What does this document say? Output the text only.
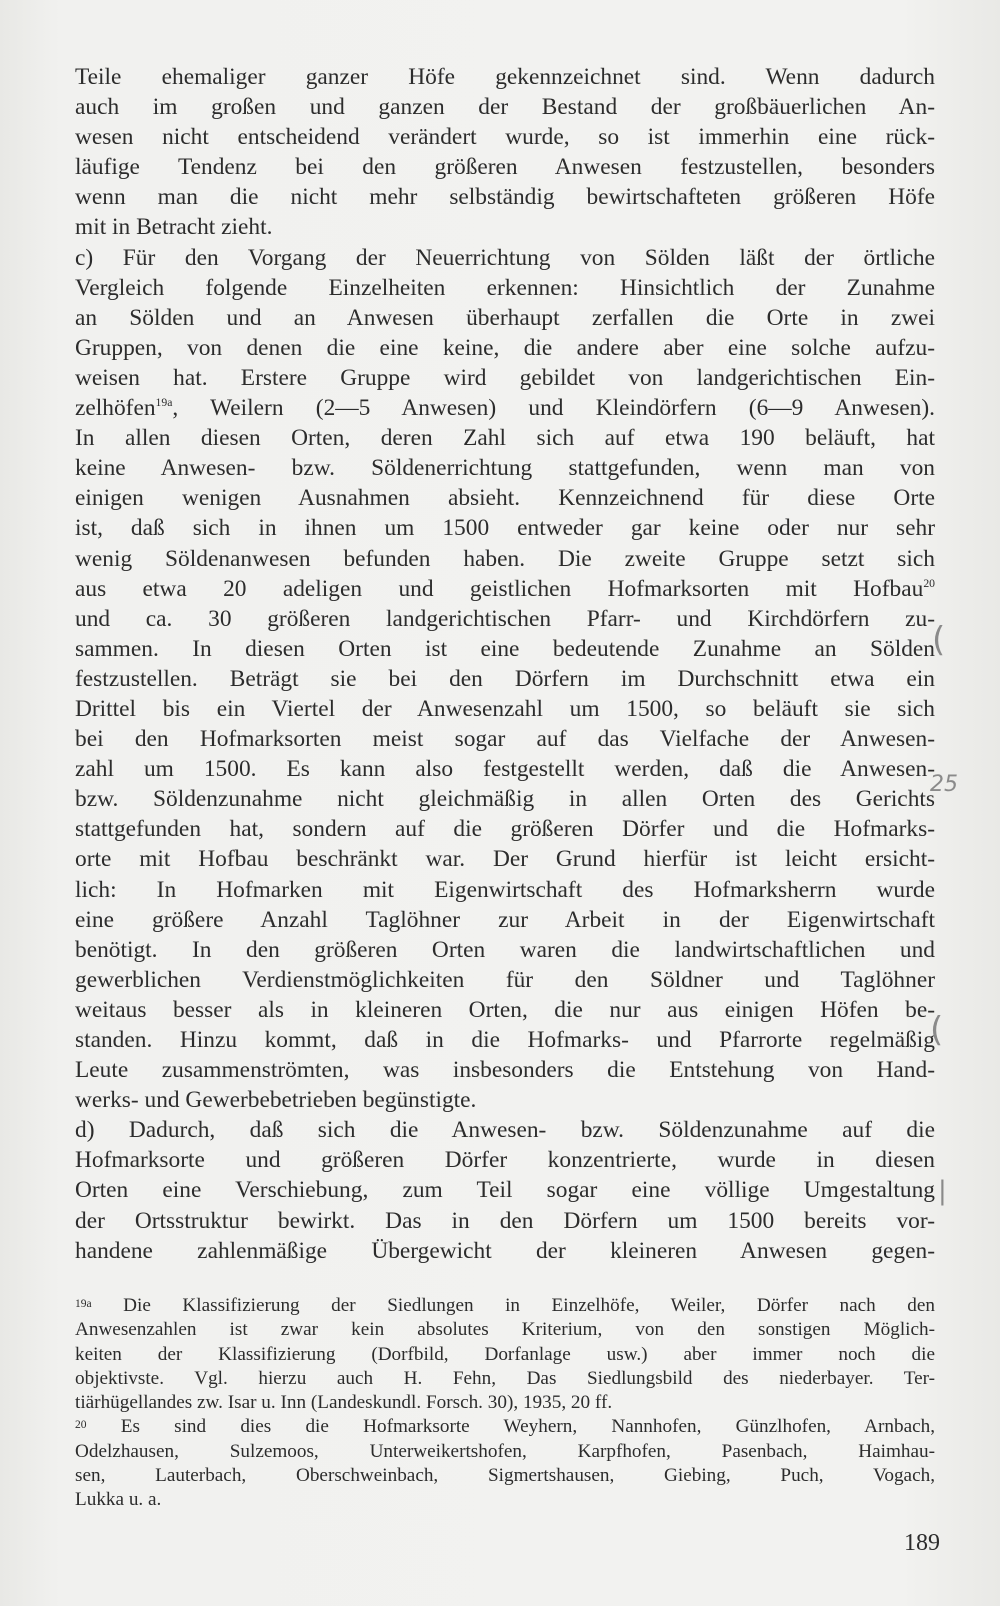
Teile ehemaliger ganzer Höfe gekennzeichnet sind. Wenn dadurch
auch im großen und ganzen der Bestand der großbäuerlichen An-
wesen nicht entscheidend verändert wurde, so ist immerhin eine rück-
läufige Tendenz bei den größeren Anwesen festzustellen, besonders
wenn man die nicht mehr selbständig bewirtschafteten größeren Höfe
mit in Betracht zieht.
c) Für den Vorgang der Neuerrichtung von Sölden läßt der örtliche
Vergleich folgende Einzelheiten erkennen: Hinsichtlich der Zunahme
an Sölden und an Anwesen überhaupt zerfallen die Orte in zwei
Gruppen, von denen die eine keine, die andere aber eine solche aufzu-
weisen hat. Erstere Gruppe wird gebildet von landgerichtischen Ein-
zelhöfen$^{19a}$, Weilern (2—5 Anwesen) und Kleindörfern (6—9 Anwesen).
In allen diesen Orten, deren Zahl sich auf etwa 190 beläuft, hat
keine Anwesen- bzw. Söldenerrichtung stattgefunden, wenn man von
einigen wenigen Ausnahmen absieht. Kennzeichnend für diese Orte
ist, daß sich in ihnen um 1500 entweder gar keine oder nur sehr
wenig Söldenanwesen befunden haben. Die zweite Gruppe setzt sich
aus etwa 20 adeligen und geistlichen Hofmarksorten mit Hofbau$^{20}$
und ca. 30 größeren landgerichtischen Pfarr- und Kirchdörfern zu-
sammen. In diesen Orten ist eine bedeutende Zunahme an Sölden
festzustellen. Beträgt sie bei den Dörfern im Durchschnitt etwa ein
Drittel bis ein Viertel der Anwesenzahl um 1500, so beläuft sie sich
bei den Hofmarksorten meist sogar auf das Vielfache der Anwesen-
zahl um 1500. Es kann also festgestellt werden, daß die Anwesen-
bzw. Söldenzunahme nicht gleichmäßig in allen Orten des Gerichts
stattgefunden hat, sondern auf die größeren Dörfer und die Hofmarks-
orte mit Hofbau beschränkt war. Der Grund hierfür ist leicht ersicht-
lich: In Hofmarken mit Eigenwirtschaft des Hofmarksherrn wurde
eine größere Anzahl Taglöhner zur Arbeit in der Eigenwirtschaft
benötigt. In den größeren Orten waren die landwirtschaftlichen und
gewerblichen Verdienstmöglichkeiten für den Söldner und Taglöhner
weitaus besser als in kleineren Orten, die nur aus einigen Höfen be-
standen. Hinzu kommt, daß in die Hofmarks- und Pfarrorte regelmäßig
Leute zusammenströmten, was insbesonders die Entstehung von Hand-
werks- und Gewerbebetrieben begünstigte.
d) Dadurch, daß sich die Anwesen- bzw. Söldenzunahme auf die
Hofmarksorte und größeren Dörfer konzentrierte, wurde in diesen
Orten eine Verschiebung, zum Teil sogar eine völlige Umgestaltung
der Ortsstruktur bewirkt. Das in den Dörfern um 1500 bereits vor-
handene zahlenmäßige Übergewicht der kleineren Anwesen gegen-
$^{19a}$ Die Klassifizierung der Siedlungen in Einzelhöfe, Weiler, Dörfer nach den
Anwesenzahlen ist zwar kein absolutes Kriterium, von den sonstigen Möglich-
keiten der Klassifizierung (Dorfbild, Dorfanlage usw.) aber immer noch die
objektivste. Vgl. hierzu auch H. Fehn, Das Siedlungsbild des niederbayer. Ter-
tiärhügellandes zw. Isar u. Inn (Landeskundl. Forsch. 30), 1935, 20 ff.
$^{20}$ Es sind dies die Hofmarksorte Weyhern, Nannhofen, Günzlhofen, Arnbach,
Odelzhausen, Sulzemoos, Unterweikertshofen, Karpfhofen, Pasenbach, Haimhau-
sen, Lauterbach, Oberschweinbach, Sigmertshausen, Giebing, Puch, Vogach,
Lukka u. a.
189
(
25
(
|
